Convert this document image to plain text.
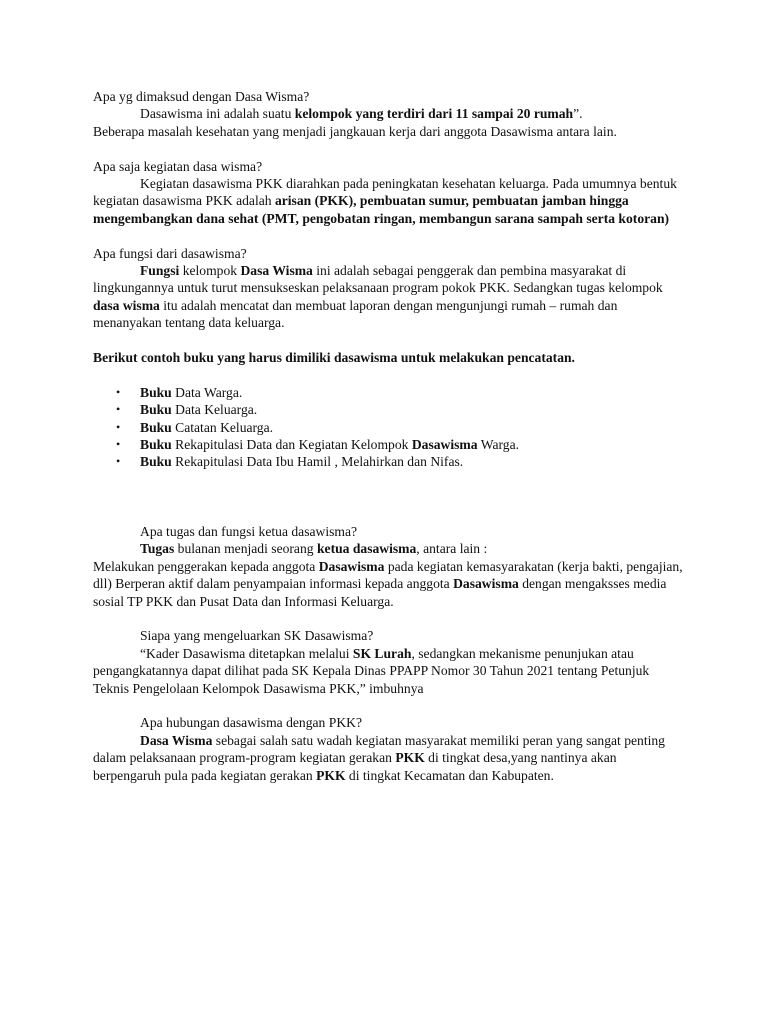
Apa yg dimaksud dengan Dasa Wisma?

Dasawisma ini adalah suatu kelompok yang terdiri dari 11 sampai 20 rumah”.

Beberapa masalah kesehatan yang menjadi jangkauan kerja dari anggota Dasawisma antara lain.

Apa saja kegiatan dasa wisma?

Kegiatan dasawisma PKK diarahkan pada peningkatan kesehatan keluarga. Pada umumnya bentuk kegiatan dasawisma PKK adalah arisan (PKK), pembuatan sumur, pembuatan jamban hingga mengembangkan dana sehat (PMT, pengobatan ringan, membangun sarana sampah serta kotoran)

Apa fungsi dari dasawisma?

Fungsi kelompok Dasa Wisma ini adalah sebagai penggerak dan pembina masyarakat di lingkungannya untuk turut mensukseskan pelaksanaan program pokok PKK. Sedangkan tugas kelompok dasa wisma itu adalah mencatat dan membuat laporan dengan mengunjungi rumah – rumah dan menanyakan tentang data keluarga.

Berikut contoh buku yang harus dimiliki dasawisma untuk melakukan pencatatan.

• Buku Data Warga.
• Buku Data Keluarga.
• Buku Catatan Keluarga.
• Buku Rekapitulasi Data dan Kegiatan Kelompok Dasawisma Warga.
• Buku Rekapitulasi Data Ibu Hamil , Melahirkan dan Nifas.

Apa tugas dan fungsi ketua dasawisma?

Tugas bulanan menjadi seorang ketua dasawisma, antara lain :

Melakukan penggerakan kepada anggota Dasawisma pada kegiatan kemasyarakatan (kerja bakti, pengajian, dll) Berperan aktif dalam penyampaian informasi kepada anggota Dasawisma dengan mengaksses media sosial TP PKK dan Pusat Data dan Informasi Keluarga.

Siapa yang mengeluarkan SK Dasawisma?

“Kader Dasawisma ditetapkan melalui SK Lurah, sedangkan mekanisme penunjukan atau pengangkatannya dapat dilihat pada SK Kepala Dinas PPAPP Nomor 30 Tahun 2021 tentang Petunjuk Teknis Pengelolaan Kelompok Dasawisma PKK,” imbuhnya

Apa hubungan dasawisma dengan PKK?

Dasa Wisma sebagai salah satu wadah kegiatan masyarakat memiliki peran yang sangat penting dalam pelaksanaan program-program kegiatan gerakan PKK di tingkat desa,yang nantinya akan berpengaruh pula pada kegiatan gerakan PKK di tingkat Kecamatan dan Kabupaten.
